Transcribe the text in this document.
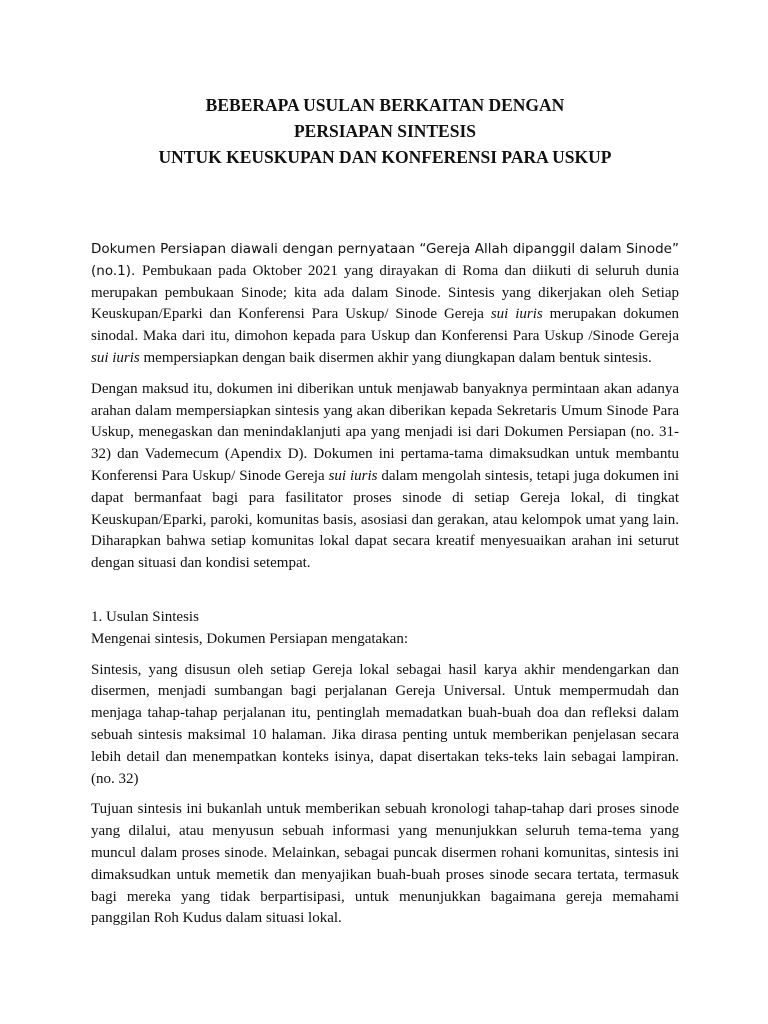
BEBERAPA USULAN BERKAITAN DENGAN
PERSIAPAN SINTESIS
UNTUK KEUSKUPAN DAN KONFERENSI PARA USKUP

Dokumen Persiapan diawali dengan pernyataan “Gereja Allah dipanggil dalam Sinode” (no.1). Pembukaan pada Oktober 2021 yang dirayakan di Roma dan diikuti di seluruh dunia merupakan pembukaan Sinode; kita ada dalam Sinode. Sintesis yang dikerjakan oleh Setiap Keuskupan/Eparki dan Konferensi Para Uskup/ Sinode Gereja sui iuris merupakan dokumen sinodal. Maka dari itu, dimohon kepada para Uskup dan Konferensi Para Uskup /Sinode Gereja sui iuris mempersiapkan dengan baik disermen akhir yang diungkapan dalam bentuk sintesis.

Dengan maksud itu, dokumen ini diberikan untuk menjawab banyaknya permintaan akan adanya arahan dalam mempersiapkan sintesis yang akan diberikan kepada Sekretaris Umum Sinode Para Uskup, menegaskan dan menindaklanjuti apa yang menjadi isi dari Dokumen Persiapan (no. 31-32) dan Vademecum (Apendix D). Dokumen ini pertama-tama dimaksudkan untuk membantu Konferensi Para Uskup/ Sinode Gereja sui iuris dalam mengolah sintesis, tetapi juga dokumen ini dapat bermanfaat bagi para fasilitator proses sinode di setiap Gereja lokal, di tingkat Keuskupan/Eparki, paroki, komunitas basis, asosiasi dan gerakan, atau kelompok umat yang lain. Diharapkan bahwa setiap komunitas lokal dapat secara kreatif menyesuaikan arahan ini seturut dengan situasi dan kondisi setempat.

1. Usulan Sintesis
Mengenai sintesis, Dokumen Persiapan mengatakan:

Sintesis, yang disusun oleh setiap Gereja lokal sebagai hasil karya akhir mendengarkan dan disermen, menjadi sumbangan bagi perjalanan Gereja Universal. Untuk mempermudah dan menjaga tahap-tahap perjalanan itu, pentinglah memadatkan buah-buah doa dan refleksi dalam sebuah sintesis maksimal 10 halaman. Jika dirasa penting untuk memberikan penjelasan secara lebih detail dan menempatkan konteks isinya, dapat disertakan teks-teks lain sebagai lampiran. (no. 32)

Tujuan sintesis ini bukanlah untuk memberikan sebuah kronologi tahap-tahap dari proses sinode yang dilalui, atau menyusun sebuah informasi yang menunjukkan seluruh tema-tema yang muncul dalam proses sinode. Melainkan, sebagai puncak disermen rohani komunitas, sintesis ini dimaksudkan untuk memetik dan menyajikan buah-buah proses sinode secara tertata, termasuk bagi mereka yang tidak berpartisipasi, untuk menunjukkan bagaimana gereja memahami panggilan Roh Kudus dalam situasi lokal.
